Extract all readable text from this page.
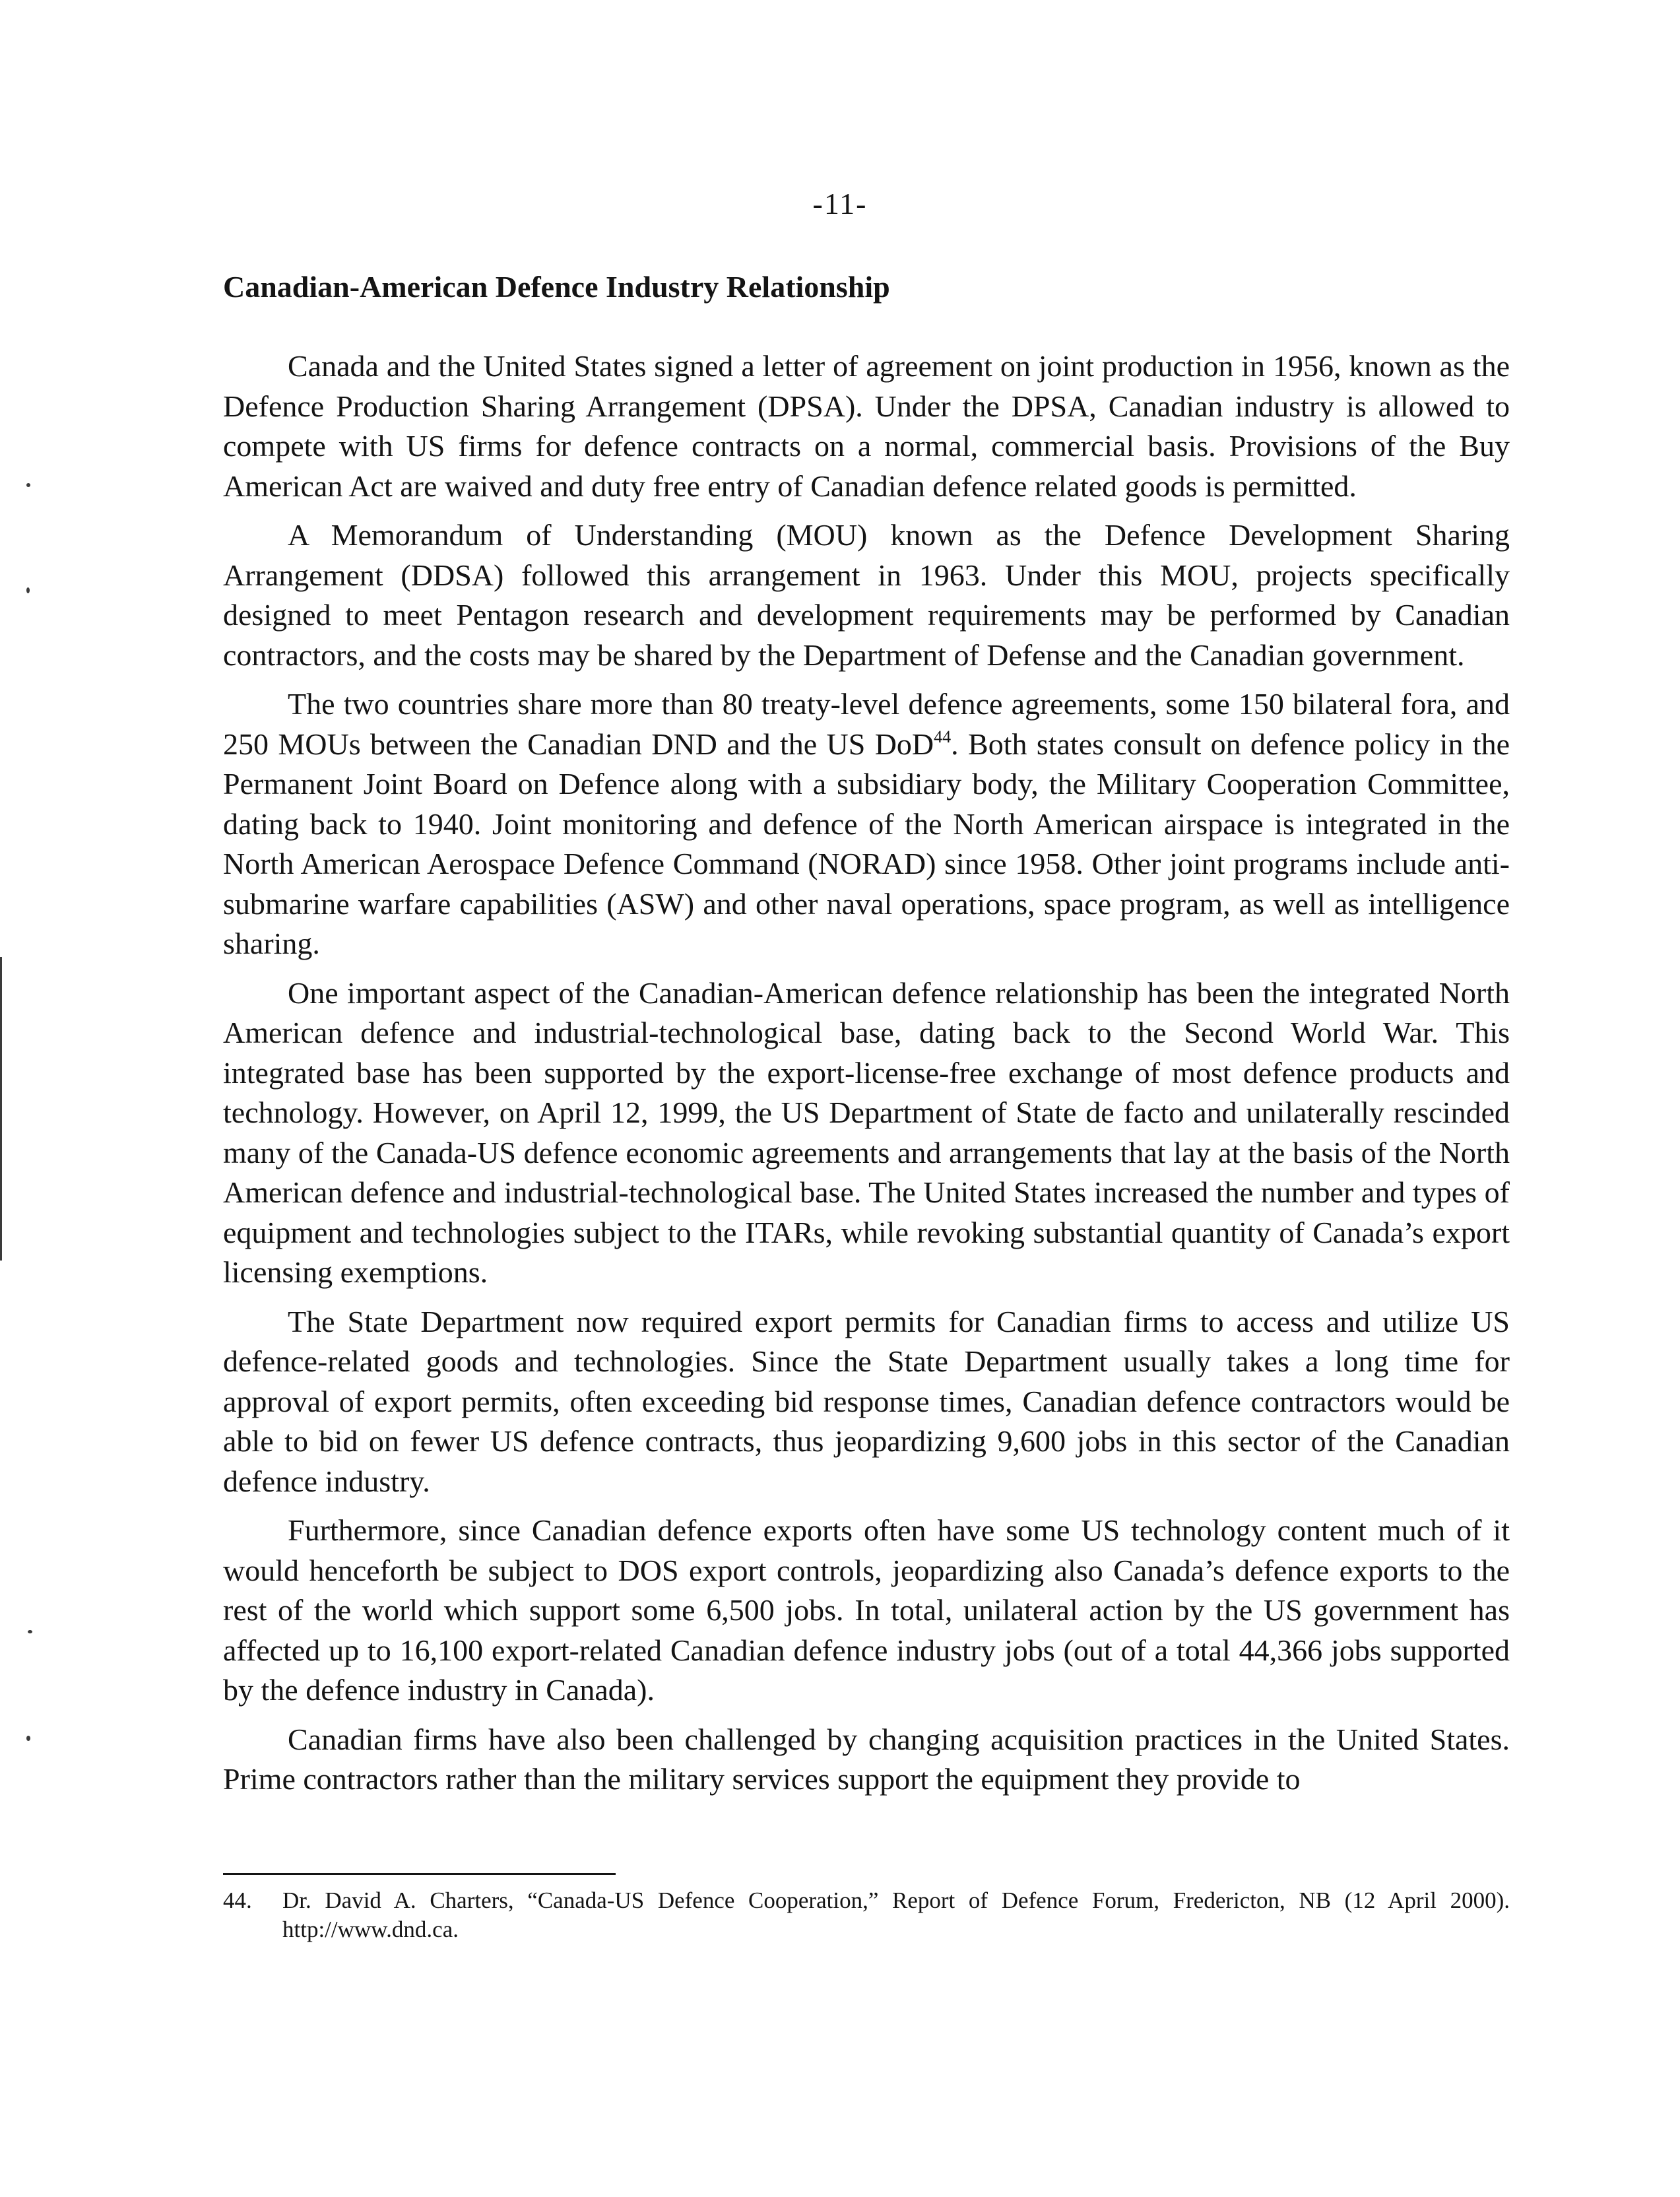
-11-
Canadian-American Defence Industry Relationship

Canada and the United States signed a letter of agreement on joint production in 1956, known as the Defence Production Sharing Arrangement (DPSA). Under the DPSA, Canadian industry is allowed to compete with US firms for defence contracts on a normal, commercial basis. Provisions of the Buy American Act are waived and duty free entry of Canadian defence related goods is permitted.

A Memorandum of Understanding (MOU) known as the Defence Development Sharing Arrangement (DDSA) followed this arrangement in 1963. Under this MOU, projects specifically designed to meet Pentagon research and development requirements may be performed by Canadian contractors, and the costs may be shared by the Department of Defense and the Canadian government.

The two countries share more than 80 treaty-level defence agreements, some 150 bilateral fora, and 250 MOUs between the Canadian DND and the US DoD$^{44}$. Both states consult on defence policy in the Permanent Joint Board on Defence along with a subsidiary body, the Military Cooperation Committee, dating back to 1940. Joint monitoring and defence of the North American airspace is integrated in the North American Aerospace Defence Command (NORAD) since 1958. Other joint programs include anti-submarine warfare capabilities (ASW) and other naval operations, space program, as well as intelligence sharing.

One important aspect of the Canadian-American defence relationship has been the integrated North American defence and industrial-technological base, dating back to the Second World War. This integrated base has been supported by the export-license-free exchange of most defence products and technology. However, on April 12, 1999, the US Department of State de facto and unilaterally rescinded many of the Canada-US defence economic agreements and arrangements that lay at the basis of the North American defence and industrial-technological base. The United States increased the number and types of equipment and technologies subject to the ITARs, while revoking substantial quantity of Canada’s export licensing exemptions.

The State Department now required export permits for Canadian firms to access and utilize US defence-related goods and technologies. Since the State Department usually takes a long time for approval of export permits, often exceeding bid response times, Canadian defence contractors would be able to bid on fewer US defence contracts, thus jeopardizing 9,600 jobs in this sector of the Canadian defence industry.

Furthermore, since Canadian defence exports often have some US technology content much of it would henceforth be subject to DOS export controls, jeopardizing also Canada’s defence exports to the rest of the world which support some 6,500 jobs. In total, unilateral action by the US government has affected up to 16,100 export-related Canadian defence industry jobs (out of a total 44,366 jobs supported by the defence industry in Canada).

Canadian firms have also been challenged by changing acquisition practices in the United States. Prime contractors rather than the military services support the equipment they provide to

44.	Dr. David A. Charters, “Canada-US Defence Cooperation,” Report of Defence Forum, Fredericton, NB (12 April 2000). http://www.dnd.ca.
